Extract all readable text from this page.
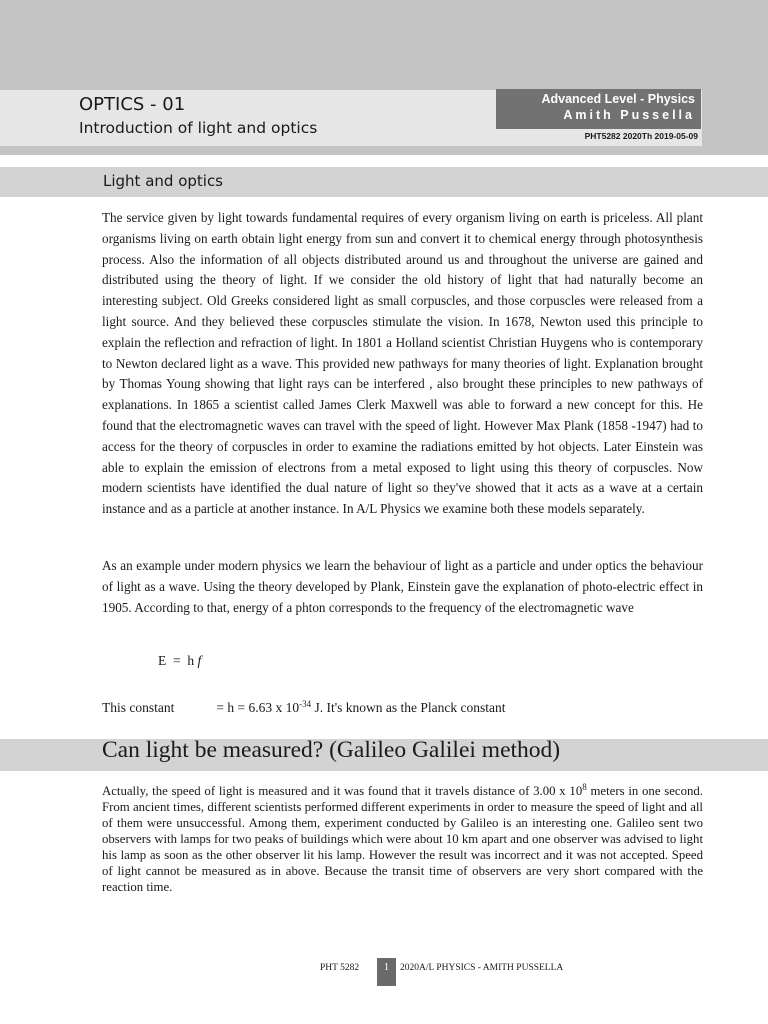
OPTICS - 01
Introduction of light and optics
Advanced Level - Physics
Amith Pussella
PHT5282 2020Th 2019-05-09
Light and optics

The service given by light towards fundamental requires of every organism living on earth is priceless. All plant organisms living on earth obtain light energy from sun and convert it to chemical energy through photosynthesis process. Also the information of all objects distributed around us and throughout the universe are gained and distributed using the theory of light. If we consider the old history of light that had naturally become an interesting subject. Old Greeks considered light as small corpuscles, and those corpuscles were released from a light source. And they believed these corpuscles stimulate the vision. In 1678, Newton used this principle to explain the reflection and refraction of light. In 1801 a Holland scientist Christian Huygens who is contemporary to Newton declared light as a wave. This provided new pathways for many theories of light. Explanation brought by Thomas Young showing that light rays can be interfered , also brought these principles to new pathways of explanations. In 1865 a scientist called James Clerk Maxwell was able to forward a new concept for this. He found that the electromagnetic waves can travel with the speed of light. However Max Plank (1858 -1947) had to access for the theory of corpuscles in order to examine the radiations emitted by hot objects. Later Einstein was able to explain the emission of electrons from a metal exposed to light using this theory of corpuscles. Now modern scientists have identified the dual nature of light so they've showed that it acts as a wave at a certain instance and as a particle at another instance. In A/L Physics we examine both these models separately.

As an example under modern physics we learn the behaviour of light as a particle and under optics the behaviour of light as a wave. Using the theory developed by Plank, Einstein gave the explanation of photo-electric effect in 1905. According to that, energy of a phton corresponds to the frequency of the electromagnetic wave

E = h f
This constant	= h = 6.63 x $10^{-34}$ J. It's known as the Planck constant
Can light be measured? (Galileo Galilei method)

Actually, the speed of light is measured and it was found that it travels distance of 3.00 x $10^8$ meters in one second. From ancient times, different scientists performed different experiments in order to measure the speed of light and all of them were unsuccessful. Among them, experiment conducted by Galileo is an interesting one. Galileo sent two observers with lamps for two peaks of buildings which were about 10 km apart and one observer was advised to light his lamp as soon as the other observer lit his lamp. However the result was incorrect and it was not accepted. Speed of light cannot be measured as in above. Because the transit time of observers are very short compared with the reaction time.

PHT 5282	1	2020A/L PHYSICS - AMITH PUSSELLA
